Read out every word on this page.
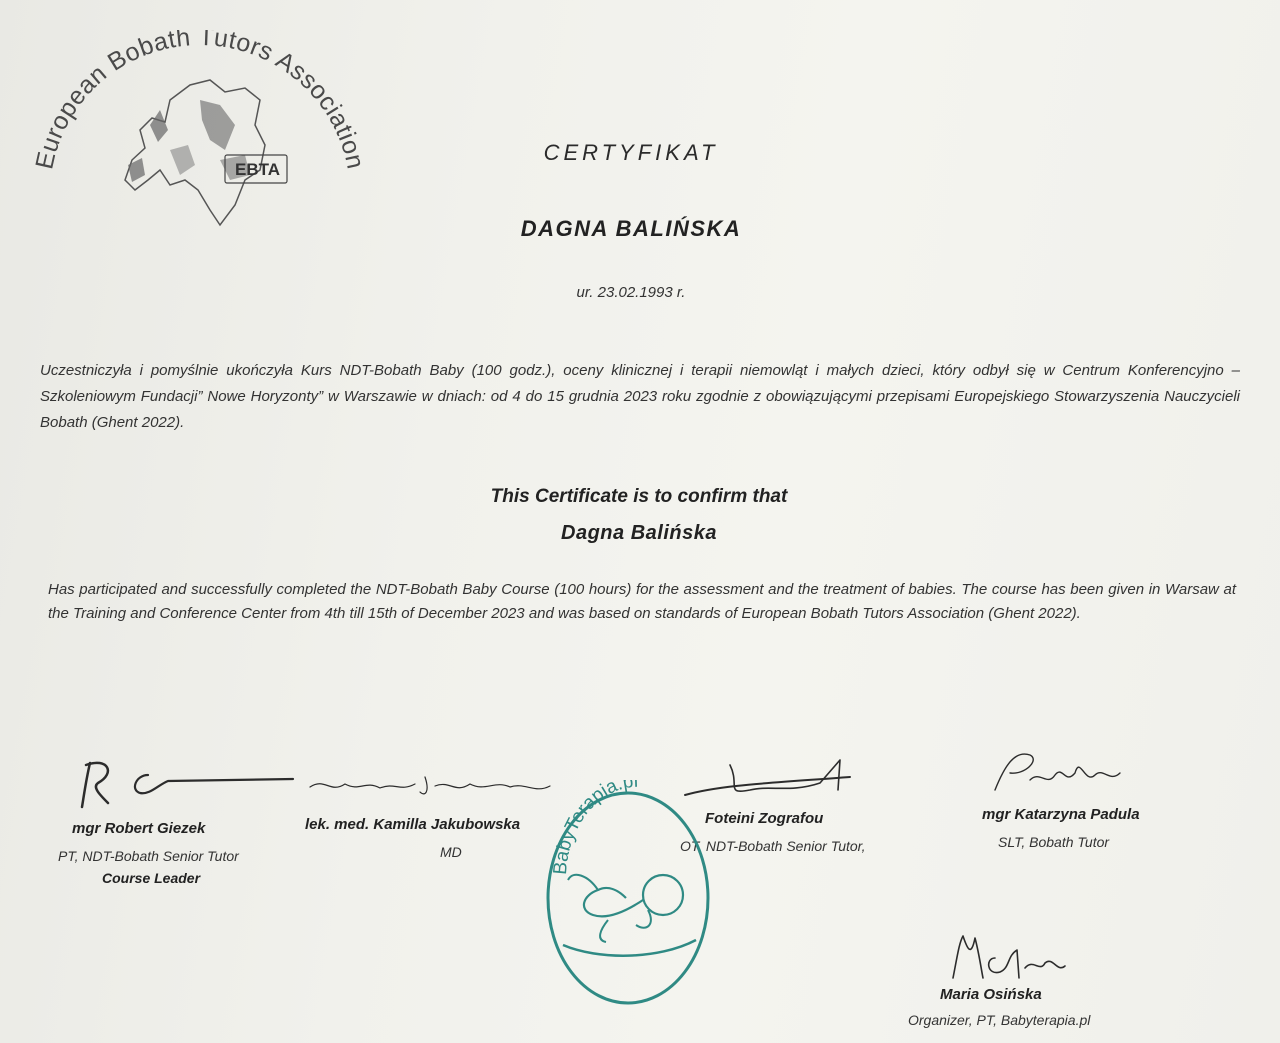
European Bobath Tutors Association
EBTA
CERTYFIKAT
DAGNA BALIŃSKA
ur. 23.02.1993 r.
Uczestniczyła i pomyślnie ukończyła Kurs NDT-Bobath Baby (100 godz.), oceny klinicznej i terapii niemowląt i małych dzieci, który odbył się w Centrum Konferencyjno – Szkoleniowym Fundacji” Nowe Horyzonty” w Warszawie w dniach: od 4 do 15 grudnia 2023 roku zgodnie z obowiązującymi przepisami Europejskiego Stowarzyszenia Nauczycieli Bobath (Ghent 2022).
This Certificate is to confirm that
Dagna Balińska
Has participated and successfully completed the NDT-Bobath Baby Course (100 hours) for the assessment and the treatment of babies. The course has been given in Warsaw at the Training and Conference Center from 4th till 15th of December 2023 and was based on standards of European Bobath Tutors Association (Ghent 2022).
mgr Robert Giezek
PT, NDT-Bobath Senior Tutor
Course Leader
lek. med. Kamilla Jakubowska
MD
Foteini Zografou
OT, NDT-Bobath Senior Tutor,
mgr Katarzyna Padula
SLT, Bobath Tutor
Maria Osińska
Organizer, PT, Babyterapia.pl
BabyTerapia.pl
